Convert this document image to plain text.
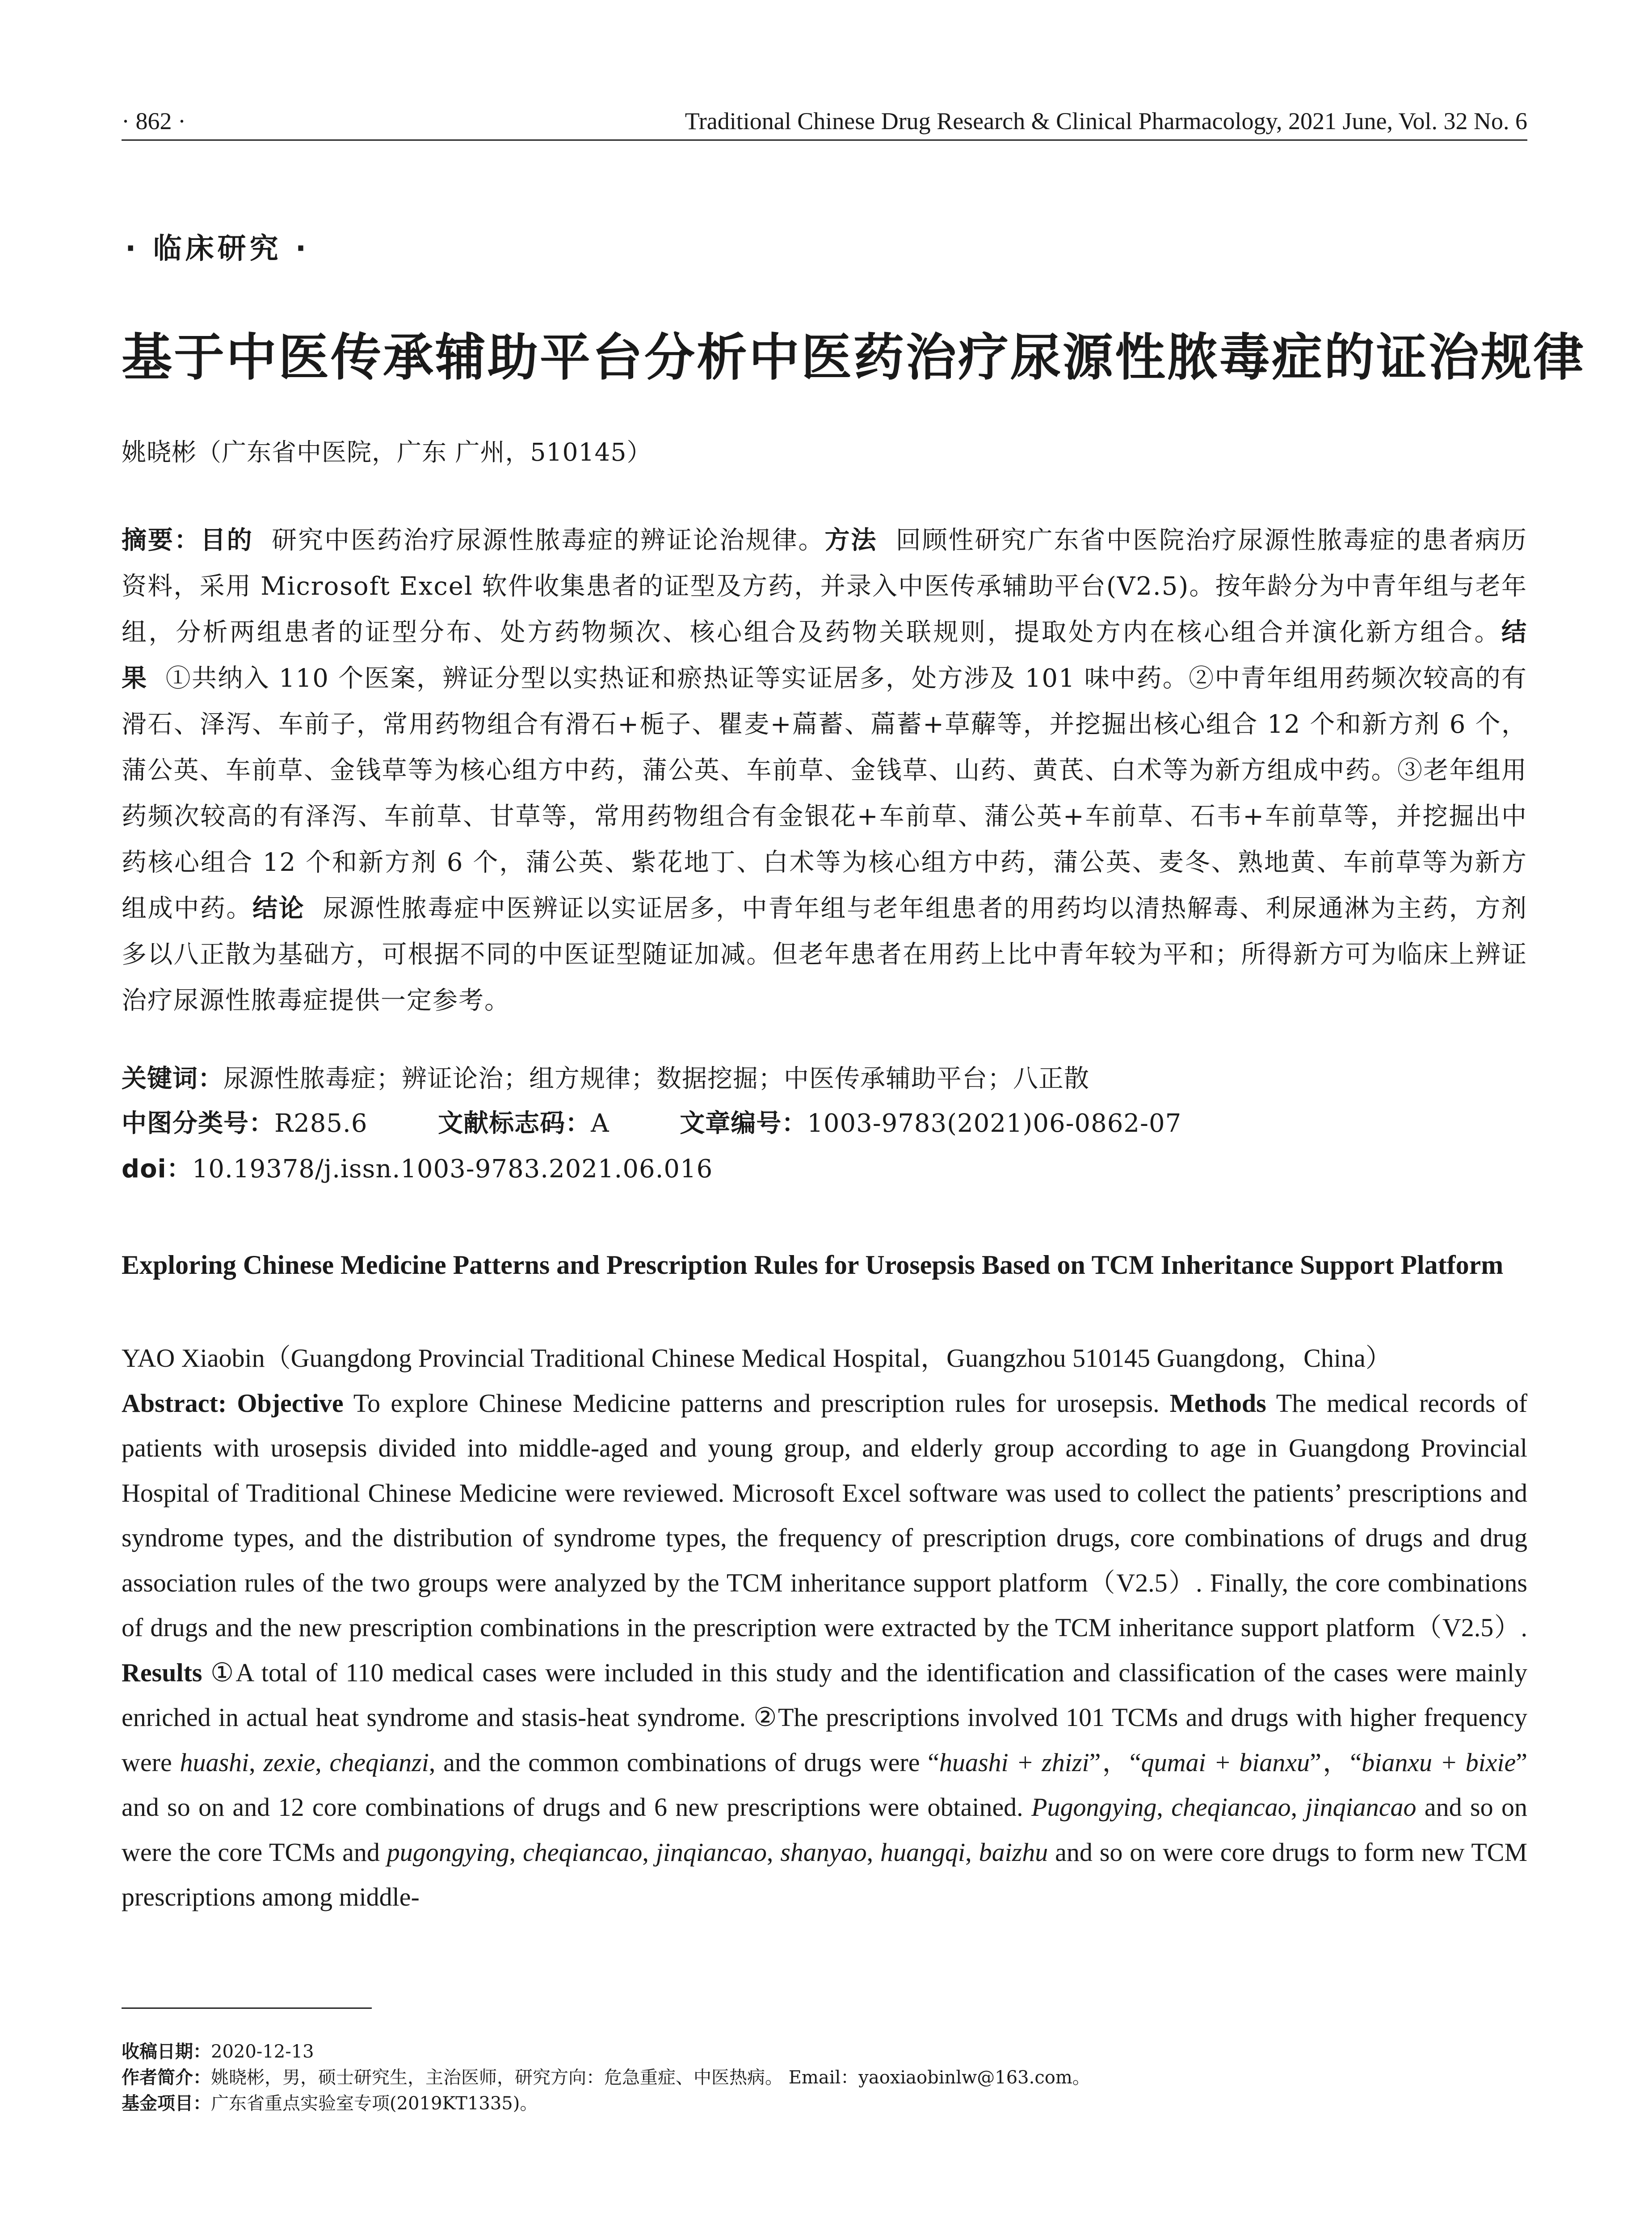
· 862 ·	Traditional Chinese Drug Research & Clinical Pharmacology, 2021 June, Vol. 32 No. 6
· 临床研究 ·
基于中医传承辅助平台分析中医药治疗尿源性脓毒症的证治规律
姚晓彬（广东省中医院，广东 广州，510145）
摘要：目的 研究中医药治疗尿源性脓毒症的辨证论治规律。方法 回顾性研究广东省中医院治疗尿源性脓毒症的患者病历资料，采用 Microsoft Excel 软件收集患者的证型及方药，并录入中医传承辅助平台(V2.5)。按年龄分为中青年组与老年组，分析两组患者的证型分布、处方药物频次、核心组合及药物关联规则，提取处方内在核心组合并演化新方组合。结果 ①共纳入 110 个医案，辨证分型以实热证和瘀热证等实证居多，处方涉及 101 味中药。②中青年组用药频次较高的有滑石、泽泻、车前子，常用药物组合有滑石+栀子、瞿麦+萹蓄、萹蓄+草薢等，并挖掘出核心组合 12 个和新方剂 6 个，蒲公英、车前草、金钱草等为核心组方中药，蒲公英、车前草、金钱草、山药、黄芪、白术等为新方组成中药。③老年组用药频次较高的有泽泻、车前草、甘草等，常用药物组合有金银花+车前草、蒲公英+车前草、石韦+车前草等，并挖掘出中药核心组合 12 个和新方剂 6 个，蒲公英、紫花地丁、白术等为核心组方中药，蒲公英、麦冬、熟地黄、车前草等为新方组成中药。结论 尿源性脓毒症中医辨证以实证居多，中青年组与老年组患者的用药均以清热解毒、利尿通淋为主药，方剂多以八正散为基础方，可根据不同的中医证型随证加减。但老年患者在用药上比中青年较为平和；所得新方可为临床上辨证治疗尿源性脓毒症提供一定参考。
关键词：尿源性脓毒症；辨证论治；组方规律；数据挖掘；中医传承辅助平台；八正散
中图分类号：R285.6	文献标志码：A	文章编号：1003-9783(2021)06-0862-07
doi：10.19378/j.issn.1003-9783.2021.06.016
Exploring Chinese Medicine Patterns and Prescription Rules for Urosepsis Based on TCM Inheritance Support Platform
YAO Xiaobin（Guangdong Provincial Traditional Chinese Medical Hospital，Guangzhou 510145 Guangdong，China）
Abstract: Objective To explore Chinese Medicine patterns and prescription rules for urosepsis. Methods The medical records of patients with urosepsis divided into middle-aged and young group, and elderly group according to age in Guangdong Provincial Hospital of Traditional Chinese Medicine were reviewed. Microsoft Excel software was used to collect the patients’ prescriptions and syndrome types, and the distribution of syndrome types, the frequency of prescription drugs, core combinations of drugs and drug association rules of the two groups were analyzed by the TCM inheritance support platform（V2.5）. Finally, the core combinations of drugs and the new prescription combinations in the prescription were extracted by the TCM inheritance support platform（V2.5）. Results ①A total of 110 medical cases were included in this study and the identification and classification of the cases were mainly enriched in actual heat syndrome and stasis-heat syndrome. ②The prescriptions involved 101 TCMs and drugs with higher frequency were huashi, zexie, cheqianzi, and the common combinations of drugs were “huashi + zhizi”，“qumai + bianxu”，“bianxu + bixie” and so on and 12 core combinations of drugs and 6 new prescriptions were obtained. Pugongying, cheqiancao, jinqiancao and so on were the core TCMs and pugongying, cheqiancao, jinqiancao, shanyao, huangqi, baizhu and so on were core drugs to form new TCM prescriptions among middle-
收稿日期：2020-12-13
作者简介：姚晓彬，男，硕士研究生，主治医师，研究方向：危急重症、中医热病。 Email：yaoxiaobinlw@163.com。
基金项目：广东省重点实验室专项(2019KT1335)。
